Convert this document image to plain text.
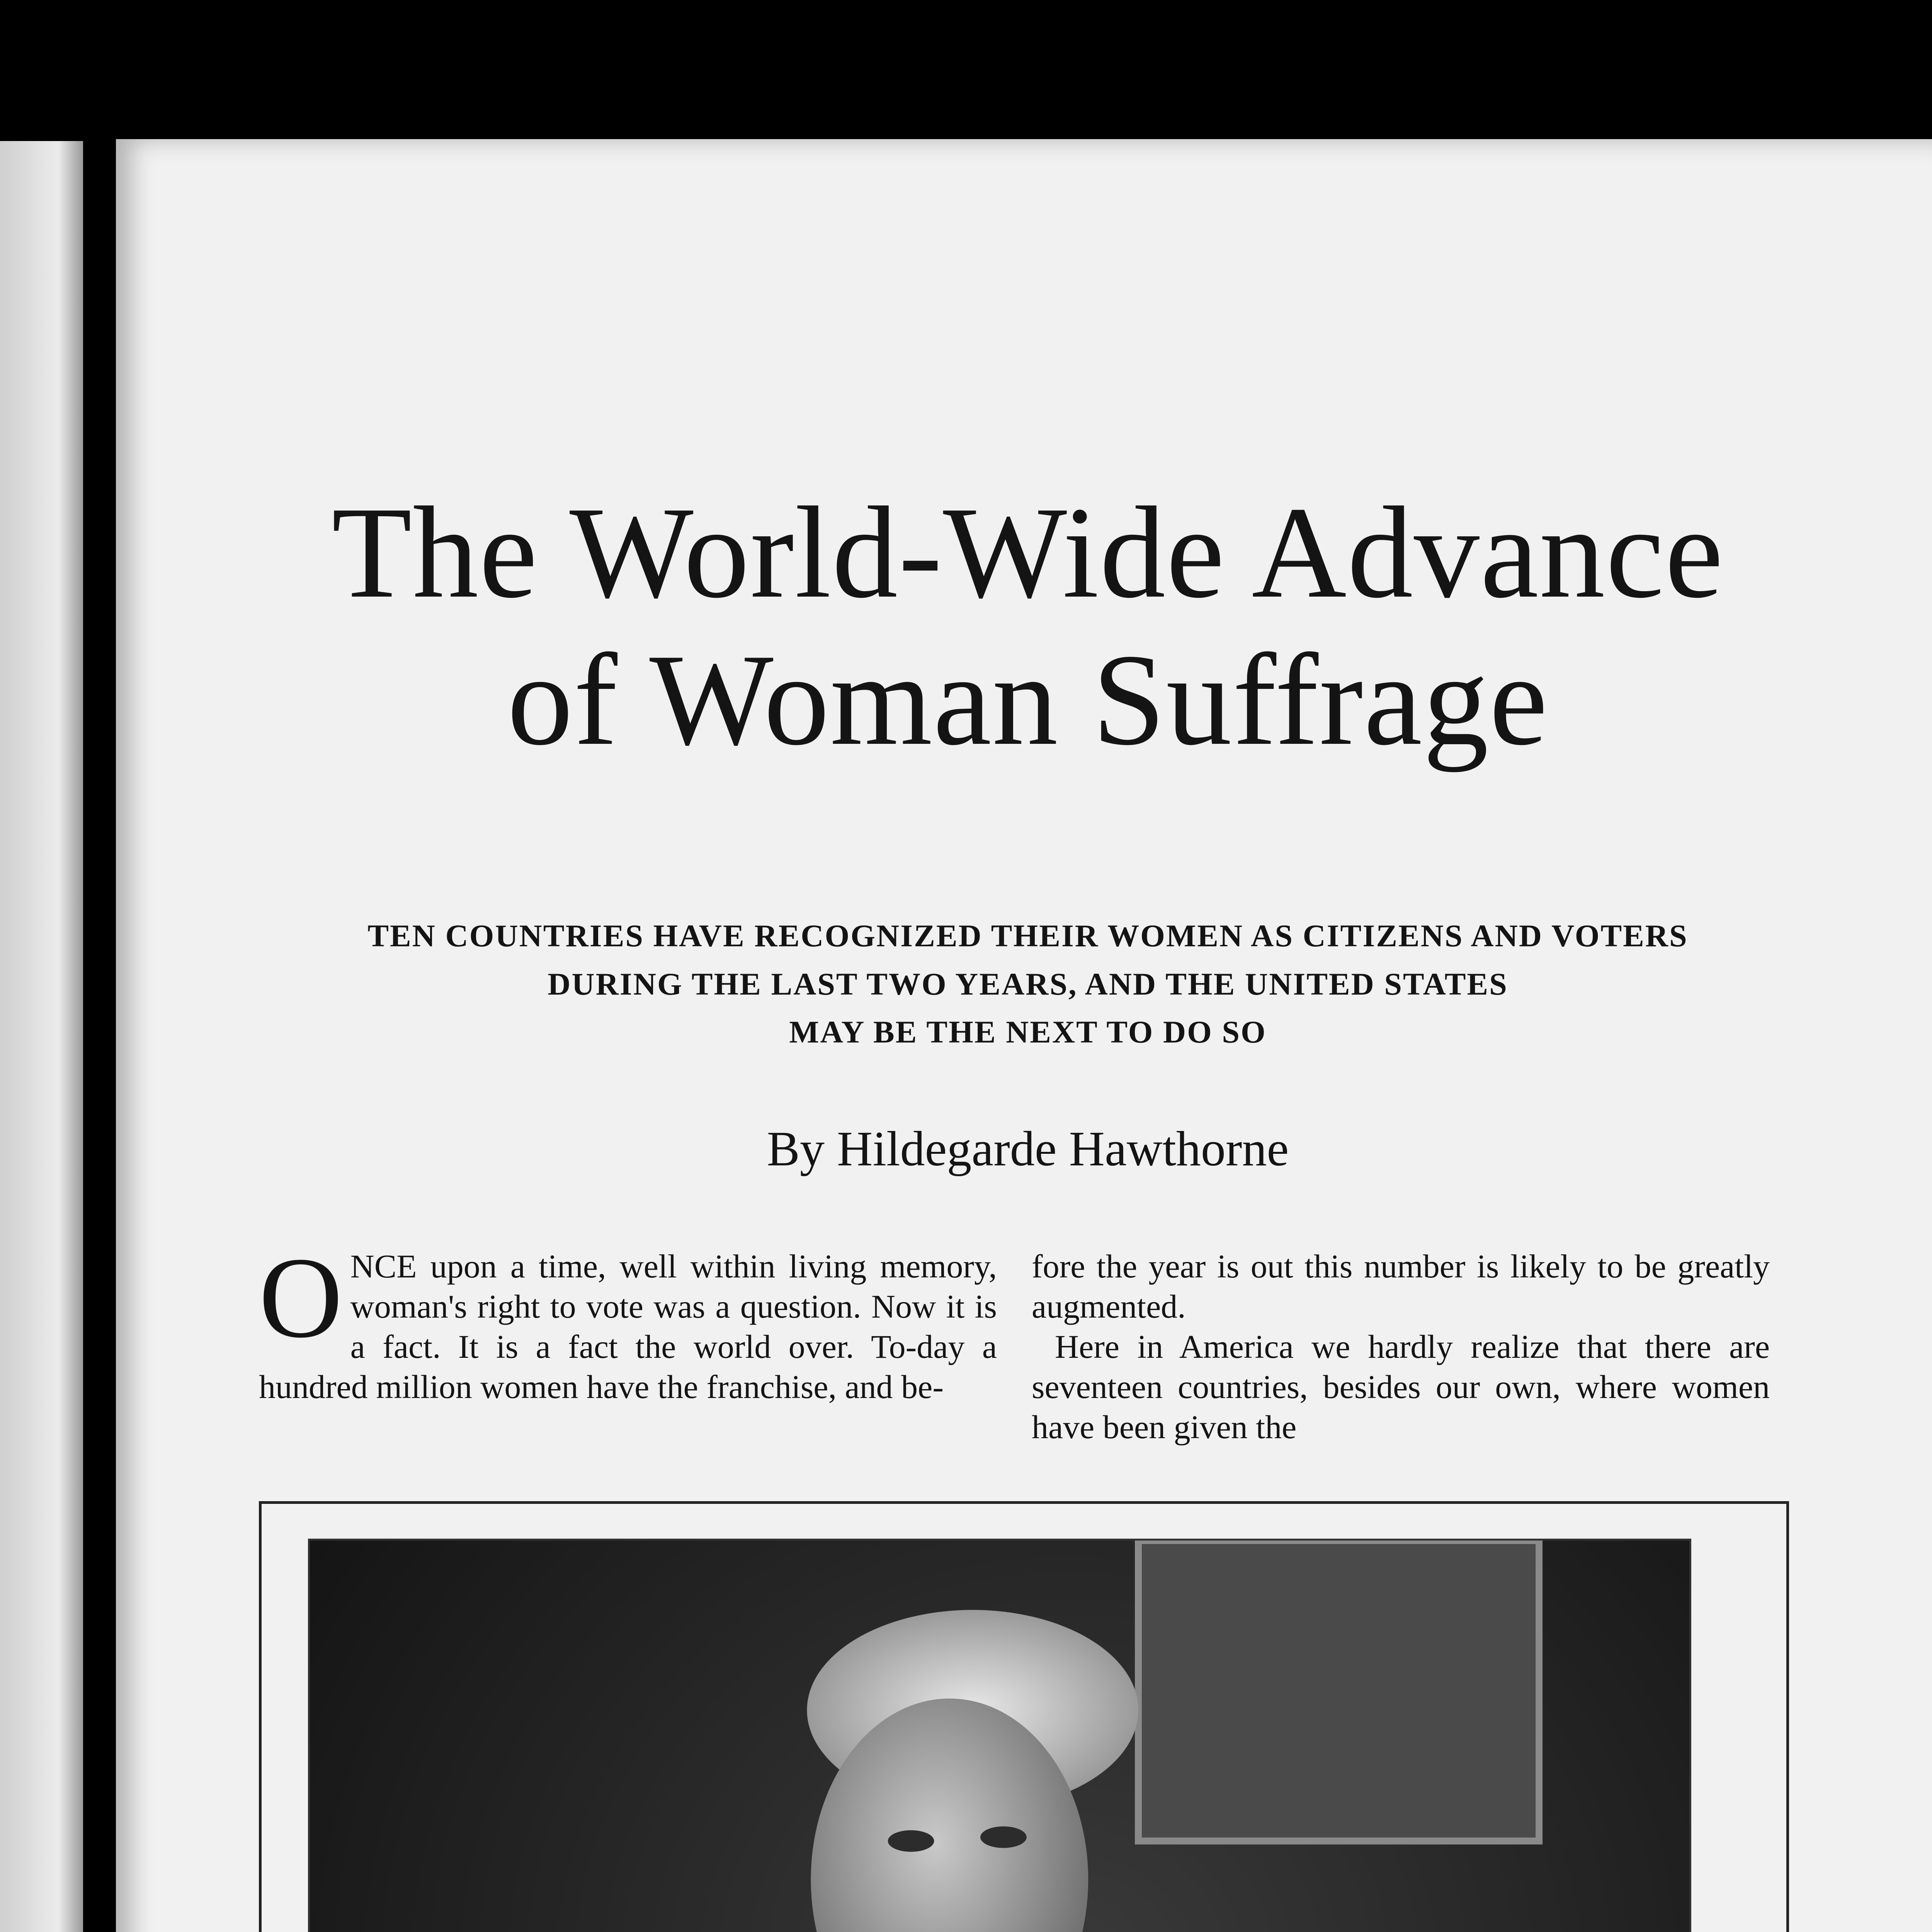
The World-Wide Advance
of Woman Suffrage

TEN COUNTRIES HAVE RECOGNIZED THEIR WOMEN AS CITIZENS AND VOTERS
DURING THE LAST TWO YEARS, AND THE UNITED STATES
MAY BE THE NEXT TO DO SO

By Hildegarde Hawthorne

ONCE upon a time, well within living memory, woman's right to vote was a question. Now it is a fact. It is a fact the world over. To-day a hundred million women have the franchise, and be-

fore the year is out this number is likely to be greatly augmented.

Here in America we hardly realize that there are seventeen countries, besides our own, where women have been given the
